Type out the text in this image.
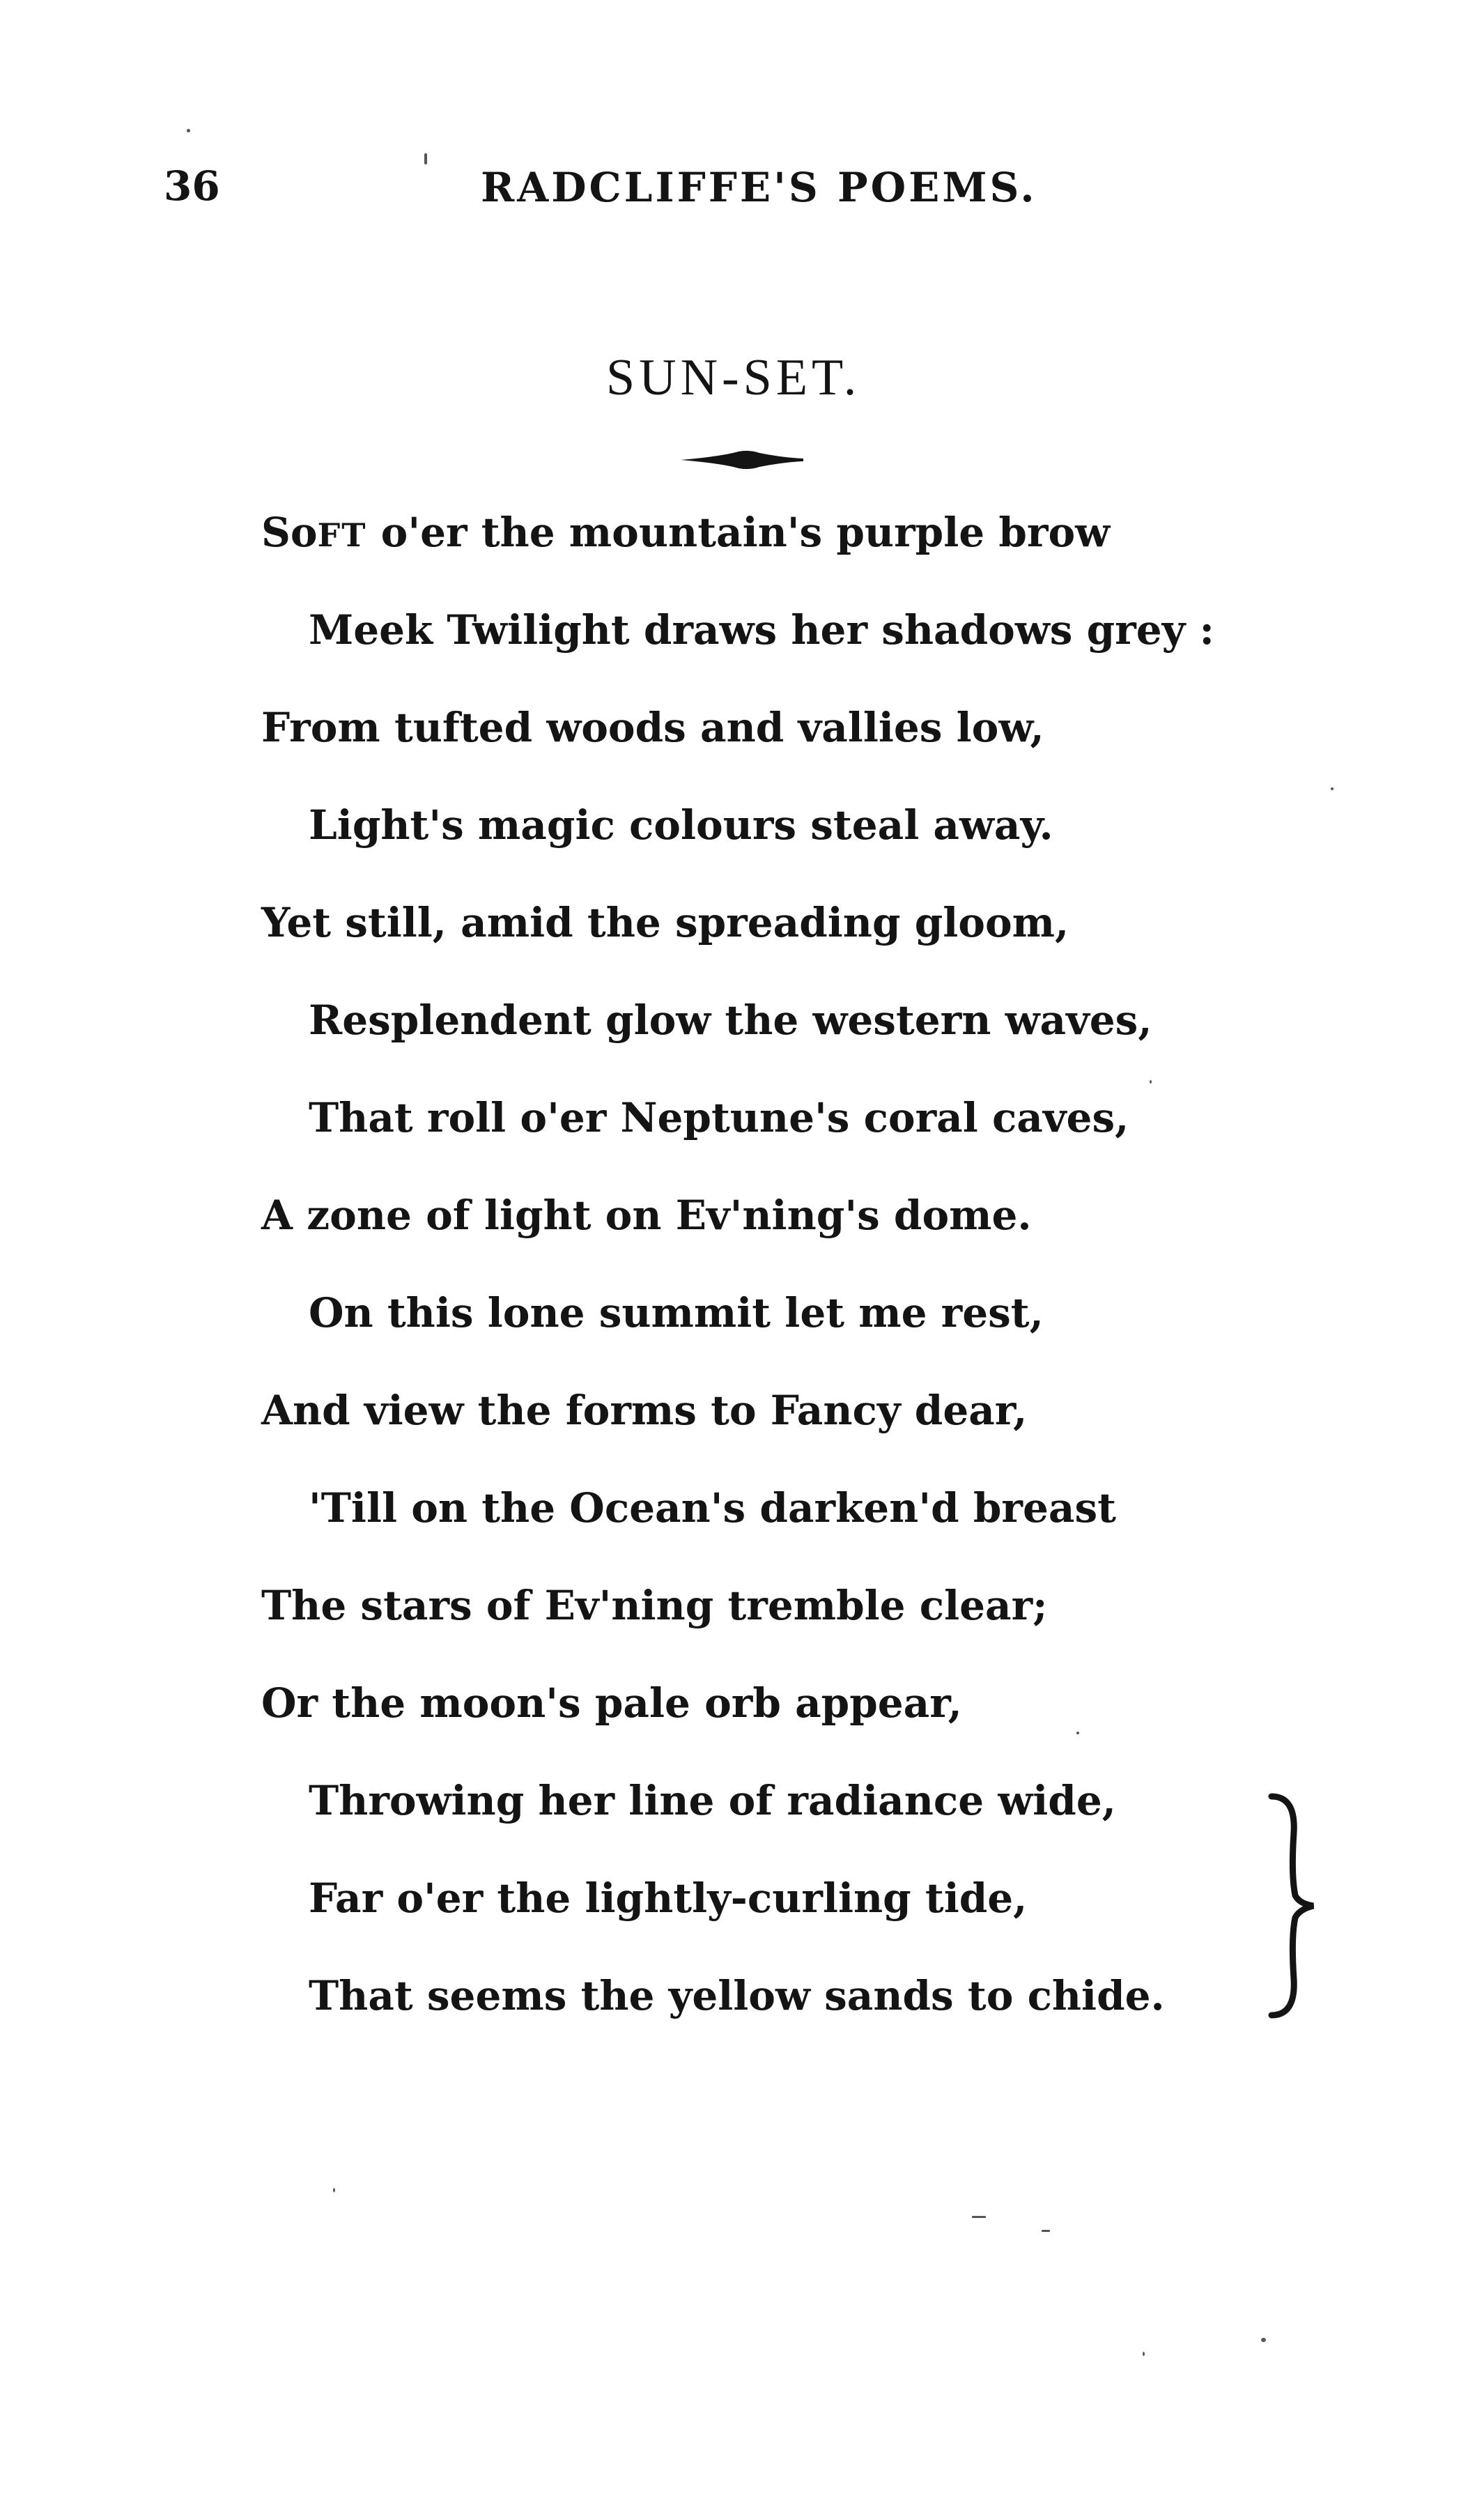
36	RADCLIFFE'S POEMS.
SUN-SET.
SoFT o'er the mountain's purple brow
Meek Twilight draws her shadows grey :
From tufted woods and vallies low,
Light's magic colours steal away.
Yet still, amid the spreading gloom,
Resplendent glow the western waves,
That roll o'er Neptune's coral caves,
A zone of light on Ev'ning's dome.
On this lone summit let me rest,
And view the forms to Fancy dear,
'Till on the Ocean's darken'd breast
The stars of Ev'ning tremble clear;
Or the moon's pale orb appear,
Throwing her line of radiance wide,
Far o'er the lightly-curling tide,
That seems the yellow sands to chide.
